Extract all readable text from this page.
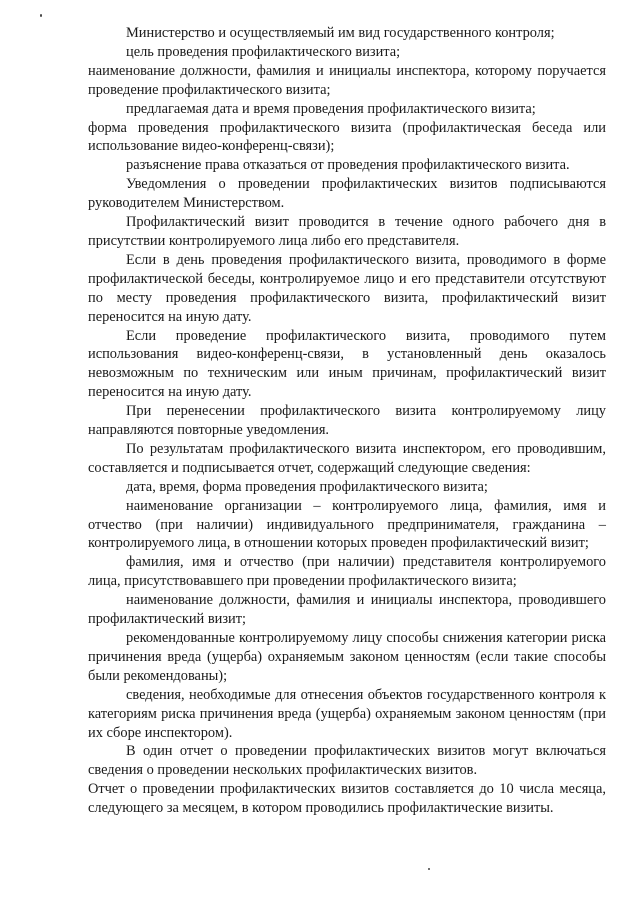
Министерство и осуществляемый им вид государственного контроля;

цель проведения профилактического визита;

наименование должности, фамилия и инициалы инспектора, которому поручается проведение профилактического визита;

предлагаемая дата и время проведения профилактического визита;

форма проведения профилактического визита (профилактическая беседа или использование видео-конференц-связи);

разъяснение права отказаться от проведения профилактического визита.

Уведомления о проведении профилактических визитов подписываются руководителем Министерством.

Профилактический визит проводится в течение одного рабочего дня в присутствии контролируемого лица либо его представителя.

Если в день проведения профилактического визита, проводимого в форме профилактической беседы, контролируемое лицо и его представители отсутствуют по месту проведения профилактического визита, профилактический визит переносится на иную дату.

Если проведение профилактического визита, проводимого путем использования видео-конференц-связи, в установленный день оказалось невозможным по техническим или иным причинам, профилактический визит переносится на иную дату.

При перенесении профилактического визита контролируемому лицу направляются повторные уведомления.

По результатам профилактического визита инспектором, его проводившим, составляется и подписывается отчет, содержащий следующие сведения:

дата, время, форма проведения профилактического визита;

наименование организации – контролируемого лица, фамилия, имя и отчество (при наличии) индивидуального предпринимателя, гражданина – контролируемого лица, в отношении которых проведен профилактический визит;

фамилия, имя и отчество (при наличии) представителя контролируемого лица, присутствовавшего при проведении профилактического визита;

наименование должности, фамилия и инициалы инспектора, проводившего профилактический визит;

рекомендованные контролируемому лицу способы снижения категории риска причинения вреда (ущерба) охраняемым законом ценностям (если такие способы были рекомендованы);

сведения, необходимые для отнесения объектов государственного контроля к категориям риска причинения вреда (ущерба) охраняемым законом ценностям (при их сборе инспектором).

В один отчет о проведении профилактических визитов могут включаться сведения о проведении нескольких профилактических визитов.

Отчет о проведении профилактических визитов составляется до 10 числа месяца, следующего за месяцем, в котором проводились профилактические визиты.
